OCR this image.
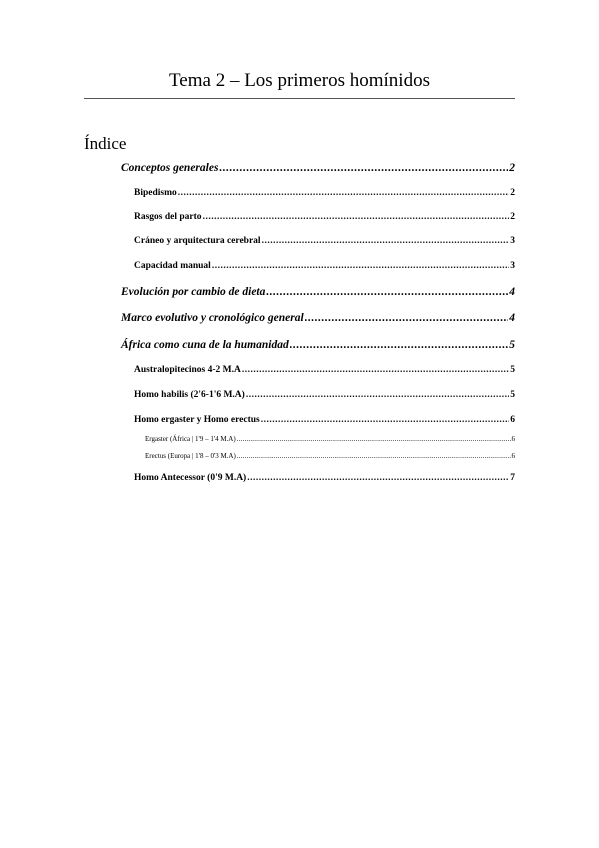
Tema 2 – Los primeros homínidos
Índice
Conceptos generales .....	2
Bipedismo .....	2
Rasgos del parto .....	2
Cráneo y arquitectura cerebral .....	3
Capacidad manual .....	3
Evolución por cambio de dieta .....	4
Marco evolutivo y cronológico general .....	4
África como cuna de la humanidad .....	5
Australopitecinos 4-2 M.A .....	5
Homo habilis (2'6-1'6 M.A) .....	5
Homo ergaster y Homo erectus .....	6
Ergaster (África | 1'9 – 1'4 M.A) .....	6
Erectus (Europa | 1'8 – 0'3 M.A) .....	6
Homo Antecessor (0'9 M.A) .....	7
